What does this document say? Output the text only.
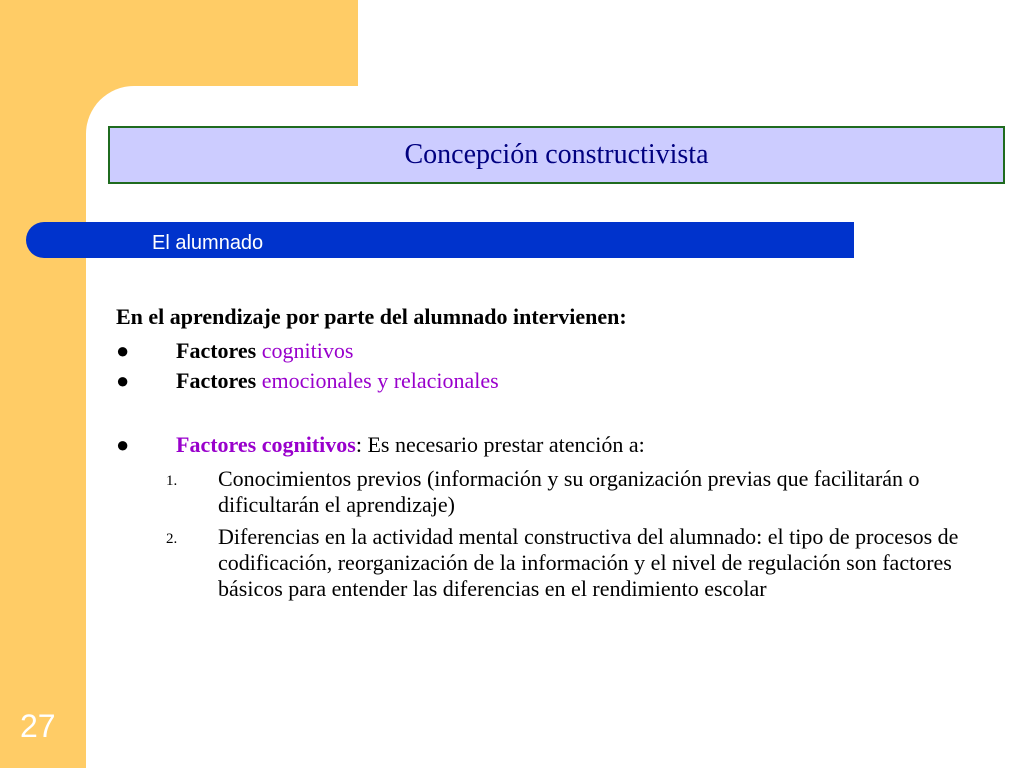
Concepción constructivista
El alumnado

En el aprendizaje por parte del alumnado intervienen:

●	Factores cognitivos
●	Factores emocionales y relacionales
●	Factores cognitivos: Es necesario prestar atención a:
1. Conocimientos previos (información y su organización previas que facilitarán o dificultarán el aprendizaje)
2. Diferencias en la actividad mental constructiva del alumnado: el tipo de procesos de codificación, reorganización de la información y el nivel de regulación son factores básicos para entender las diferencias en el rendimiento escolar
27
